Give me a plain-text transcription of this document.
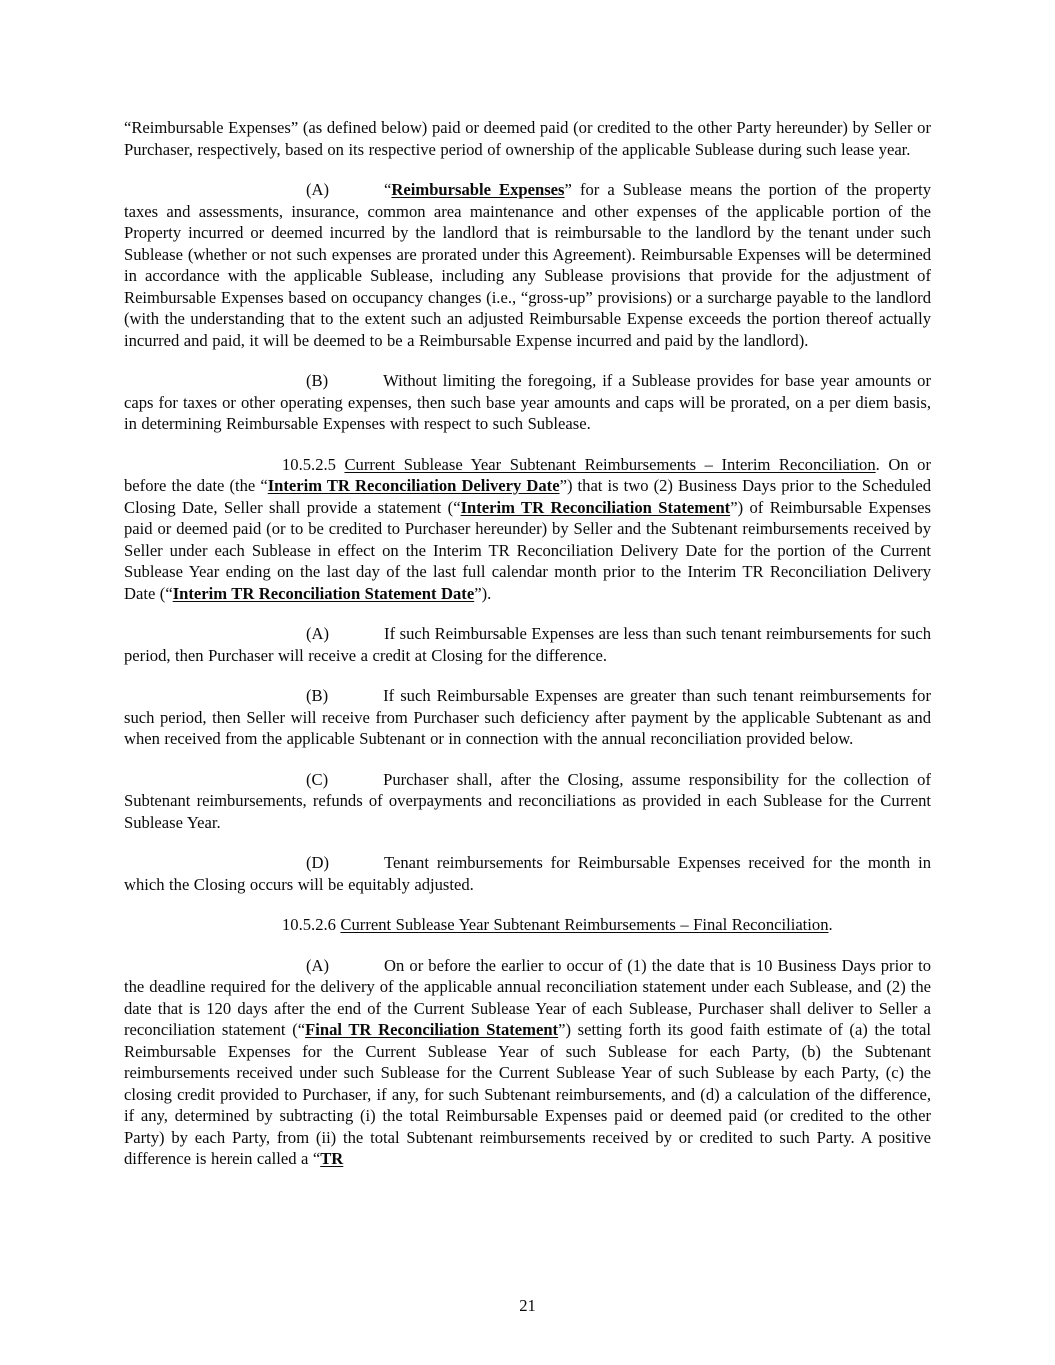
“Reimbursable Expenses” (as defined below) paid or deemed paid (or credited to the other Party hereunder) by Seller or Purchaser, respectively, based on its respective period of ownership of the applicable Sublease during such lease year.

(A)	“Reimbursable Expenses” for a Sublease means the portion of the property taxes and assessments, insurance, common area maintenance and other expenses of the applicable portion of the Property incurred or deemed incurred by the landlord that is reimbursable to the landlord by the tenant under such Sublease (whether or not such expenses are prorated under this Agreement). Reimbursable Expenses will be determined in accordance with the applicable Sublease, including any Sublease provisions that provide for the adjustment of Reimbursable Expenses based on occupancy changes (i.e., “gross-up” provisions) or a surcharge payable to the landlord (with the understanding that to the extent such an adjusted Reimbursable Expense exceeds the portion thereof actually incurred and paid, it will be deemed to be a Reimbursable Expense incurred and paid by the landlord).

(B)	Without limiting the foregoing, if a Sublease provides for base year amounts or caps for taxes or other operating expenses, then such base year amounts and caps will be prorated, on a per diem basis, in determining Reimbursable Expenses with respect to such Sublease.

10.5.2.5 Current Sublease Year Subtenant Reimbursements – Interim Reconciliation. On or before the date (the “Interim TR Reconciliation Delivery Date”) that is two (2) Business Days prior to the Scheduled Closing Date, Seller shall provide a statement (“Interim TR Reconciliation Statement”) of Reimbursable Expenses paid or deemed paid (or to be credited to Purchaser hereunder) by Seller and the Subtenant reimbursements received by Seller under each Sublease in effect on the Interim TR Reconciliation Delivery Date for the portion of the Current Sublease Year ending on the last day of the last full calendar month prior to the Interim TR Reconciliation Delivery Date (“Interim TR Reconciliation Statement Date”).

(A)	If such Reimbursable Expenses are less than such tenant reimbursements for such period, then Purchaser will receive a credit at Closing for the difference.

(B)	If such Reimbursable Expenses are greater than such tenant reimbursements for such period, then Seller will receive from Purchaser such deficiency after payment by the applicable Subtenant as and when received from the applicable Subtenant or in connection with the annual reconciliation provided below.

(C)	Purchaser shall, after the Closing, assume responsibility for the collection of Subtenant reimbursements, refunds of overpayments and reconciliations as provided in each Sublease for the Current Sublease Year.

(D)	Tenant reimbursements for Reimbursable Expenses received for the month in which the Closing occurs will be equitably adjusted.

10.5.2.6 Current Sublease Year Subtenant Reimbursements – Final Reconciliation.

(A)	On or before the earlier to occur of (1) the date that is 10 Business Days prior to the deadline required for the delivery of the applicable annual reconciliation statement under each Sublease, and (2) the date that is 120 days after the end of the Current Sublease Year of each Sublease, Purchaser shall deliver to Seller a reconciliation statement (“Final TR Reconciliation Statement”) setting forth its good faith estimate of (a) the total Reimbursable Expenses for the Current Sublease Year of such Sublease for each Party, (b) the Subtenant reimbursements received under such Sublease for the Current Sublease Year of such Sublease by each Party, (c) the closing credit provided to Purchaser, if any, for such Subtenant reimbursements, and (d) a calculation of the difference, if any, determined by subtracting (i) the total Reimbursable Expenses paid or deemed paid (or credited to the other Party) by each Party, from (ii) the total Subtenant reimbursements received by or credited to such Party. A positive difference is herein called a “TR

21
